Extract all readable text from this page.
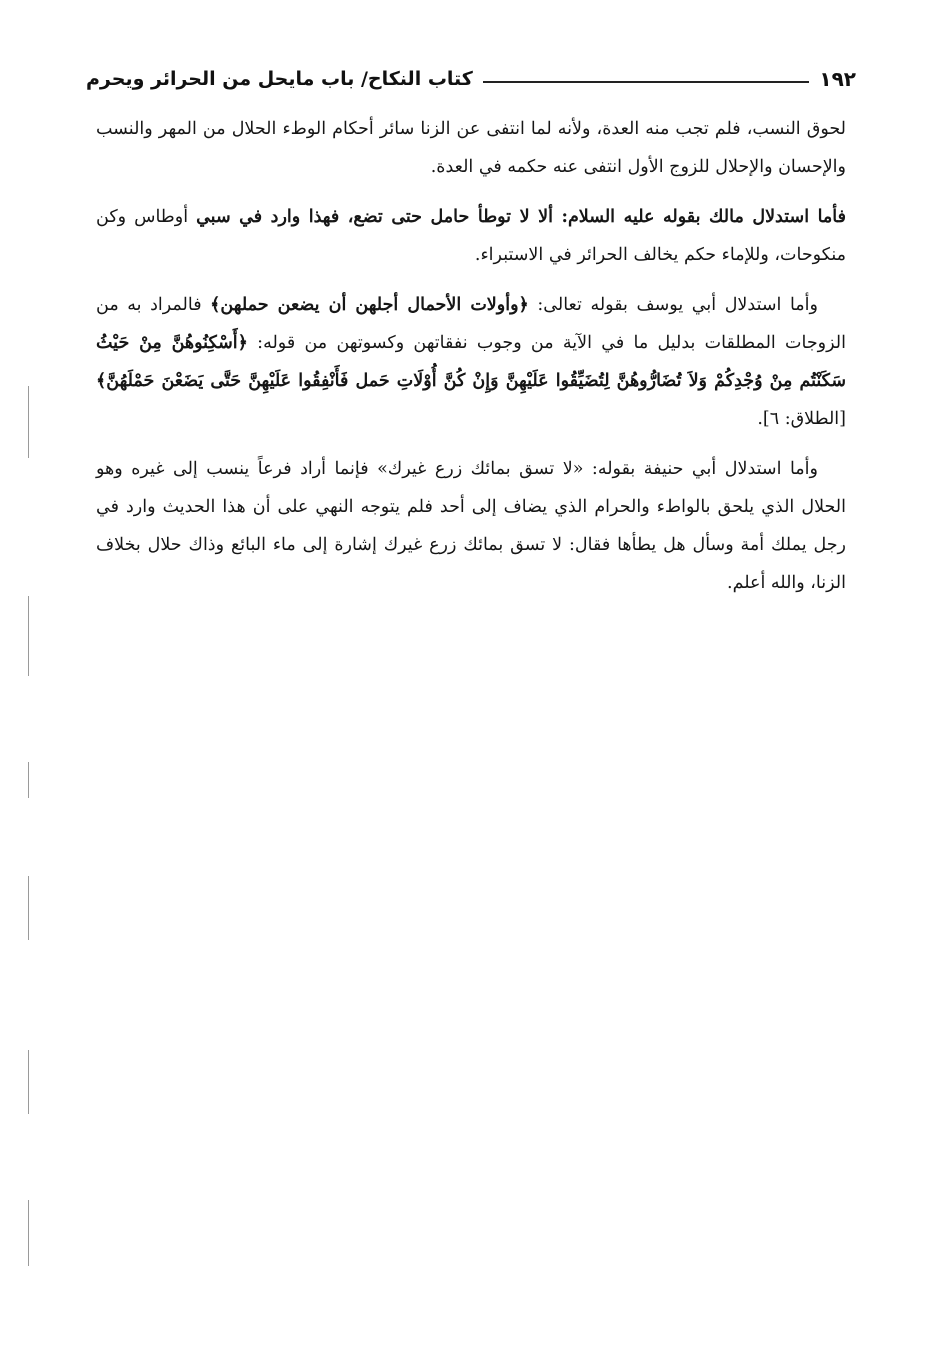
كتاب النكاح/ باب مايحل من الحرائر ويحرم	١٩٢

لحوق النسب، فلم تجب منه العدة، ولأنه لما انتفى عن الزنا سائر أحكام الوطء الحلال من المهر والنسب والإحسان والإحلال للزوج الأول انتفى عنه حكمه في العدة.

فأما استدلال مالك بقوله عليه السلام: ألا لا توطأ حامل حتى تضع، فهذا وارد في سبي أوطاس وكن منكوحات، وللإماء حكم يخالف الحرائر في الاستبراء.

وأما استدلال أبي يوسف بقوله تعالى: ﴿وأولات الأحمال أجلهن أن يضعن حملهن﴾ فالمراد به من الزوجات المطلقات بدليل ما في الآية من وجوب نفقاتهن وكسوتهن من قوله: ﴿أَسْكِنُوهُنَّ مِنْ حَيْثُ سَكَنْتُم مِنْ وُجْدِكُمْ وَلاَ تُضَارُّوهُنَّ لِتُضَيِّقُوا عَلَيْهِنَّ وَإِنْ كُنَّ أُوْلَاتِ حَمل فَأَنْفِقُوا عَلَيْهِنَّ حَتَّى يَضَعْنَ حَمْلَهُنَّ﴾ [الطلاق: ٦].

وأما استدلال أبي حنيفة بقوله: «لا تسق بمائك زرع غيرك» فإنما أراد فرعاً ينسب إلى غيره وهو الحلال الذي يلحق بالواطء والحرام الذي يضاف إلى أحد فلم يتوجه النهي على أن هذا الحديث وارد في رجل يملك أمة وسأل هل يطأها فقال: لا تسق بمائك زرع غيرك إشارة إلى ماء البائع وذاك حلال بخلاف الزنا، والله أعلم.
